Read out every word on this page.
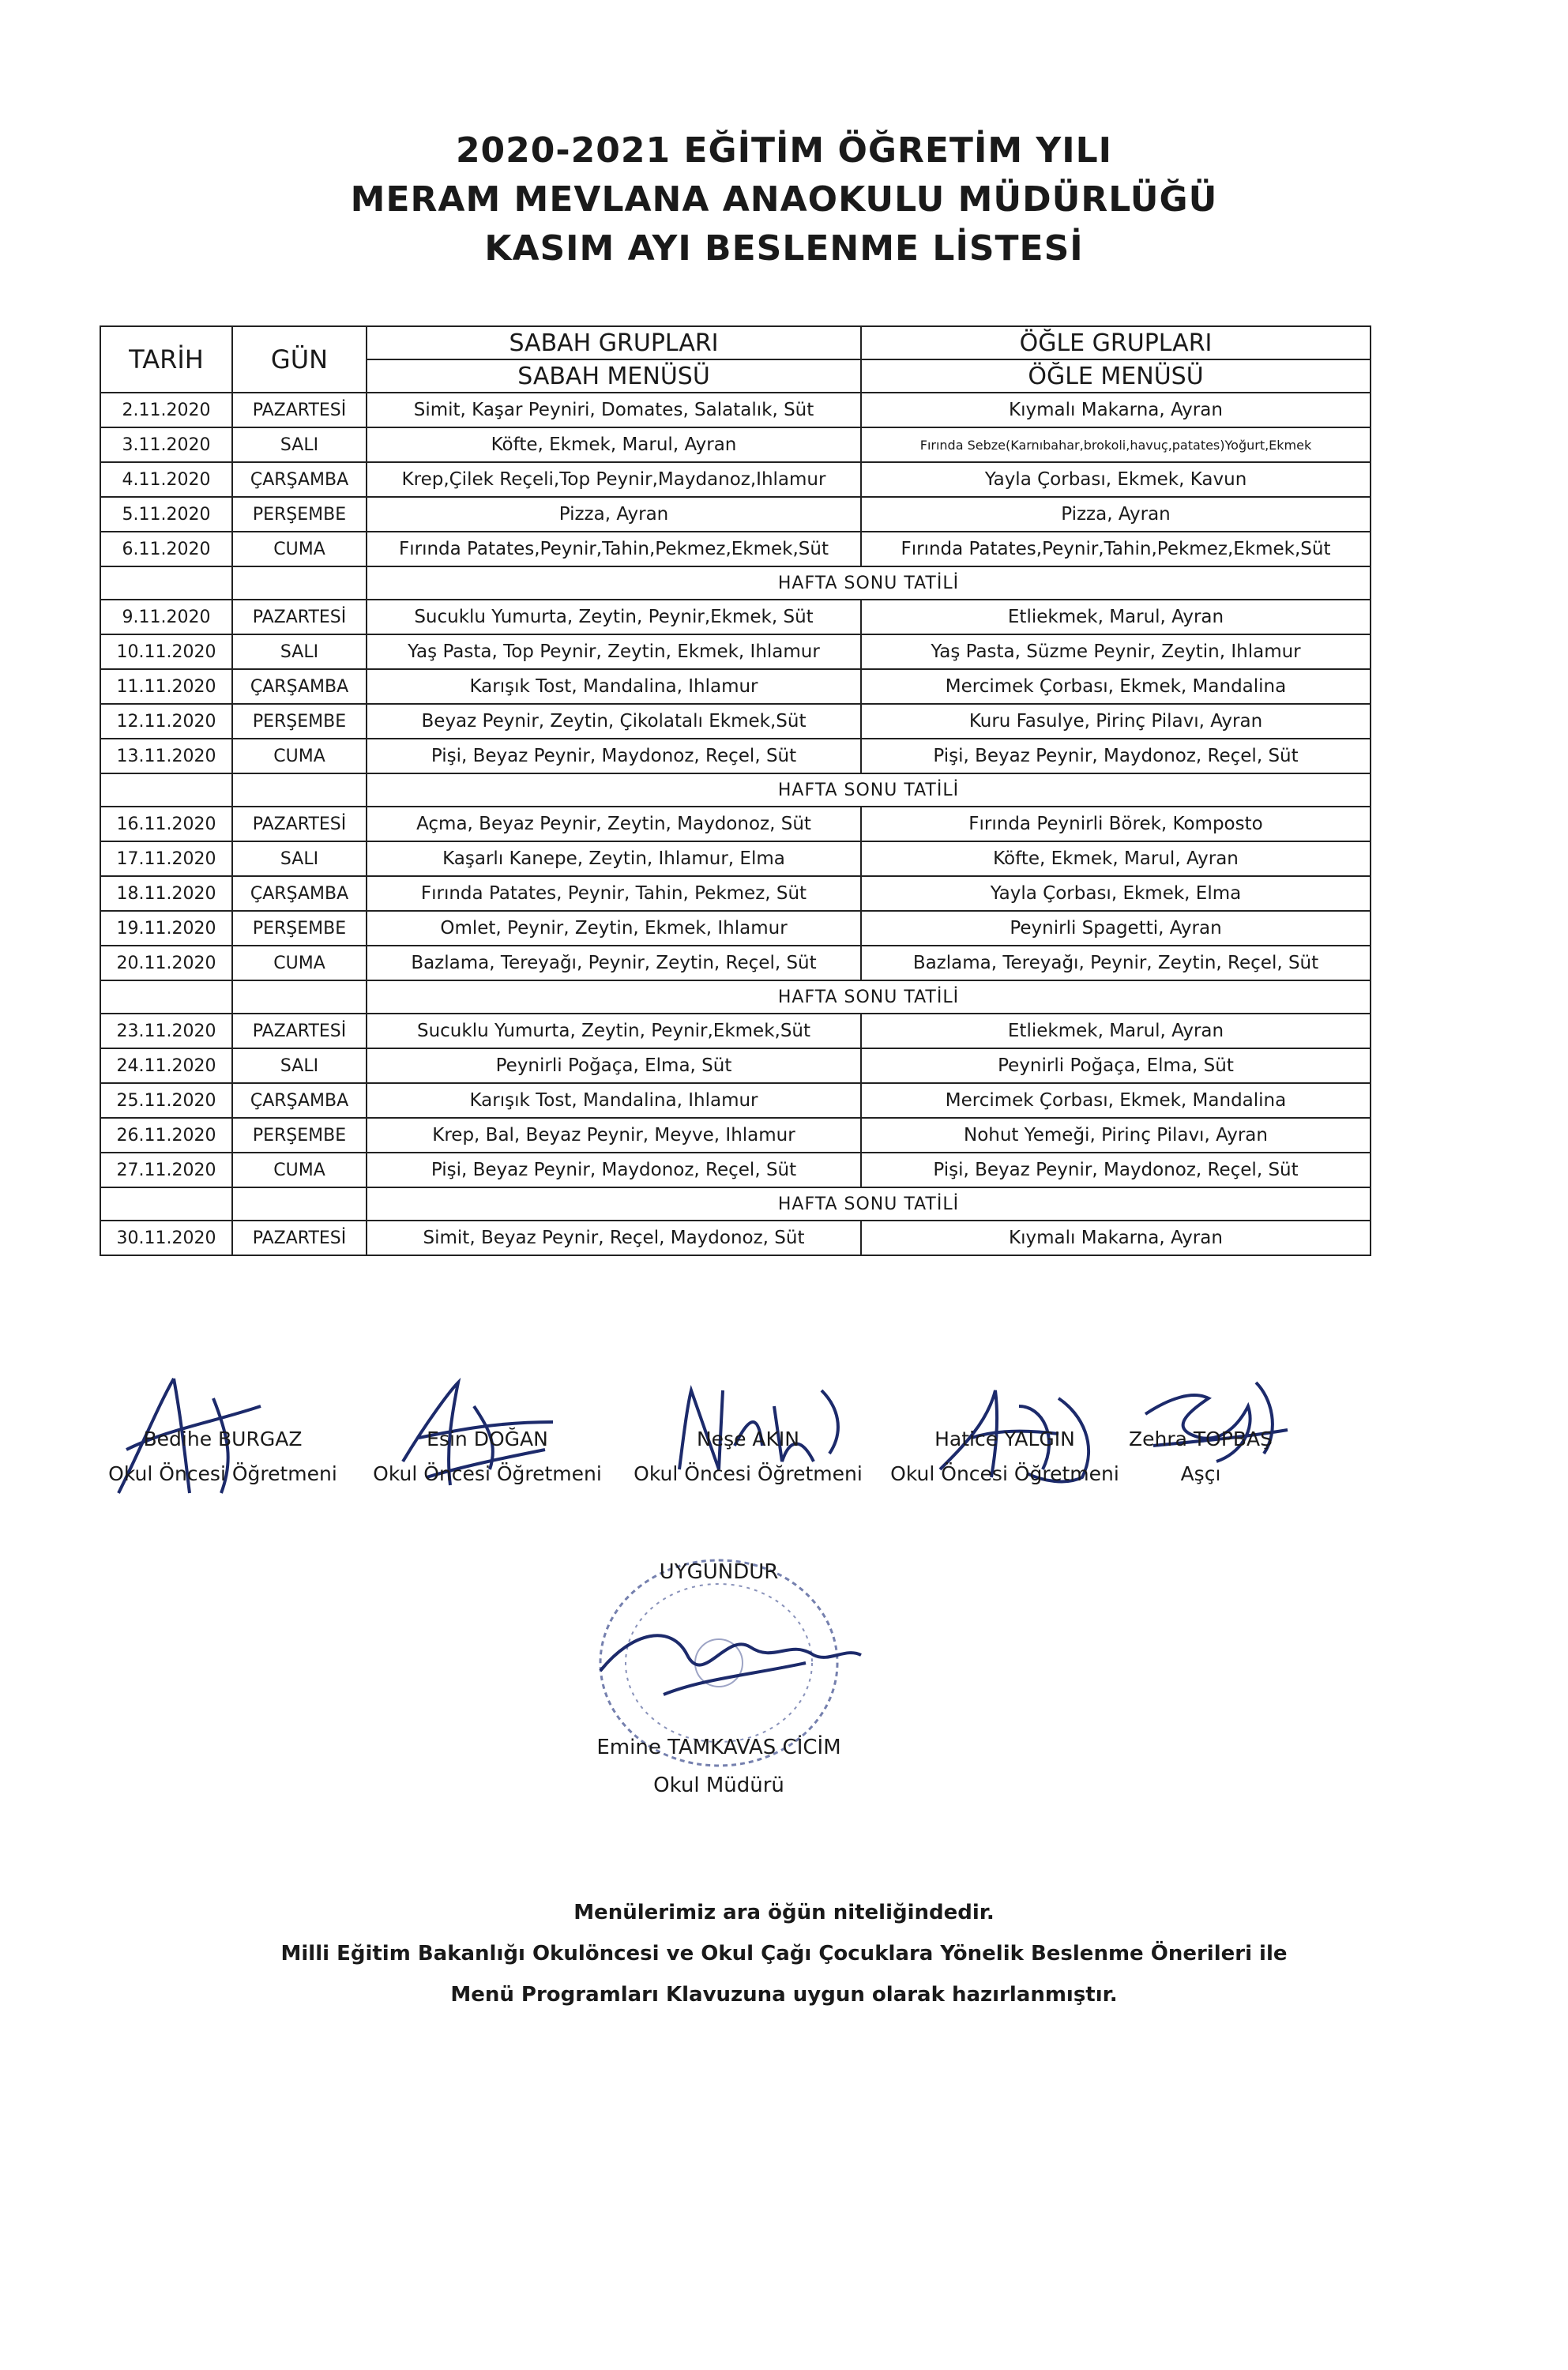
2020-2021 EĞİTİM ÖĞRETİM YILI
MERAM MEVLANA ANAOKULU MÜDÜRLÜĞÜ
KASIM AYI BESLENME LİSTESİ
TARİH	GÜN	SABAH GRUPLARI	ÖĞLE GRUPLARI
		SABAH MENÜSÜ	ÖĞLE MENÜSÜ
2.11.2020	PAZARTESİ	Simit, Kaşar Peyniri, Domates, Salatalık, Süt	Kıymalı Makarna, Ayran
3.11.2020	SALI	Köfte, Ekmek, Marul, Ayran	Fırında Sebze(Karnıbahar,brokoli,havuç,patates)Yoğurt,Ekmek
4.11.2020	ÇARŞAMBA	Krep,Çilek Reçeli,Top Peynir,Maydanoz,Ihlamur	Yayla Çorbası, Ekmek, Kavun
5.11.2020	PERŞEMBE	Pizza, Ayran	Pizza, Ayran
6.11.2020	CUMA	Fırında Patates,Peynir,Tahin,Pekmez,Ekmek,Süt	Fırında Patates,Peynir,Tahin,Pekmez,Ekmek,Süt
		HAFTA SONU TATİLİ	
9.11.2020	PAZARTESİ	Sucuklu Yumurta, Zeytin, Peynir,Ekmek, Süt	Etliekmek, Marul, Ayran
10.11.2020	SALI	Yaş Pasta, Top Peynir, Zeytin, Ekmek, Ihlamur	Yaş Pasta, Süzme Peynir, Zeytin, Ihlamur
11.11.2020	ÇARŞAMBA	Karışık Tost, Mandalina, Ihlamur	Mercimek Çorbası, Ekmek, Mandalina
12.11.2020	PERŞEMBE	Beyaz Peynir, Zeytin, Çikolatalı Ekmek,Süt	Kuru Fasulye, Pirinç Pilavı, Ayran
13.11.2020	CUMA	Pişi, Beyaz Peynir, Maydonoz, Reçel, Süt	Pişi, Beyaz Peynir, Maydonoz, Reçel, Süt
		HAFTA SONU TATİLİ	
16.11.2020	PAZARTESİ	Açma, Beyaz Peynir, Zeytin, Maydonoz, Süt	Fırında Peynirli Börek, Komposto
17.11.2020	SALI	Kaşarlı Kanepe, Zeytin, Ihlamur, Elma	Köfte, Ekmek, Marul, Ayran
18.11.2020	ÇARŞAMBA	Fırında Patates, Peynir, Tahin, Pekmez, Süt	Yayla Çorbası, Ekmek, Elma
19.11.2020	PERŞEMBE	Omlet, Peynir, Zeytin, Ekmek, Ihlamur	Peynirli Spagetti, Ayran
20.11.2020	CUMA	Bazlama, Tereyağı, Peynir, Zeytin, Reçel, Süt	Bazlama, Tereyağı, Peynir, Zeytin, Reçel, Süt
		HAFTA SONU TATİLİ	
23.11.2020	PAZARTESİ	Sucuklu Yumurta, Zeytin, Peynir,Ekmek,Süt	Etliekmek, Marul, Ayran
24.11.2020	SALI	Peynirli Poğaça, Elma, Süt	Peynirli Poğaça, Elma, Süt
25.11.2020	ÇARŞAMBA	Karışık Tost, Mandalina, Ihlamur	Mercimek Çorbası, Ekmek, Mandalina
26.11.2020	PERŞEMBE	Krep, Bal, Beyaz Peynir, Meyve, Ihlamur	Nohut Yemeği, Pirinç Pilavı, Ayran
27.11.2020	CUMA	Pişi, Beyaz Peynir, Maydonoz, Reçel, Süt	Pişi, Beyaz Peynir, Maydonoz, Reçel, Süt
		HAFTA SONU TATİLİ	
30.11.2020	PAZARTESİ	Simit, Beyaz Peynir, Reçel, Maydonoz, Süt	Kıymalı Makarna, Ayran
Bedihe BURGAZ
Okul Öncesi Öğretmeni
Esin DOĞAN
Okul Öncesi Öğretmeni
Neşe AKIN
Okul Öncesi Öğretmeni
Hatice YALGIN
Okul Öncesi Öğretmeni
Zehra TOPBAŞ
Aşçı
UYGUNDUR
Emine TAMKAVAS CİCİM
Okul Müdürü
Menülerimiz ara öğün niteliğindedir.
Milli Eğitim Bakanlığı Okulöncesi ve Okul Çağı Çocuklara Yönelik Beslenme Önerileri ile
Menü Programları Klavuzuna uygun olarak hazırlanmıştır.
